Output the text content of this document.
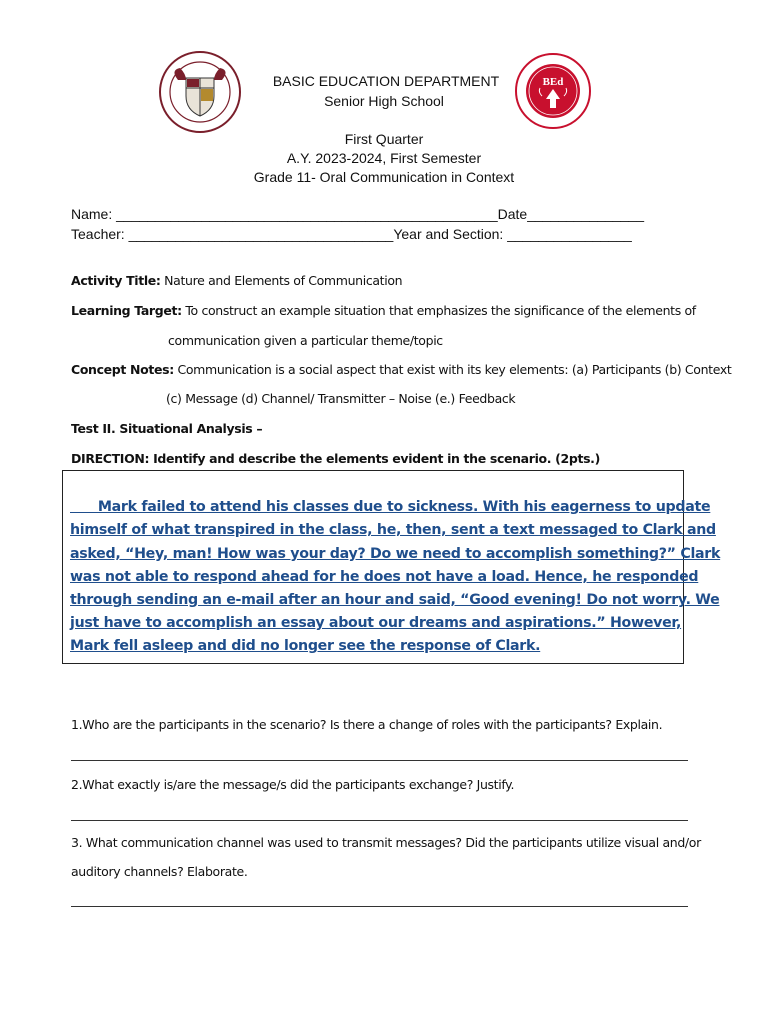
BEd
BASIC EDUCATION DEPARTMENT
Senior High School
First Quarter
A.Y. 2023-2024, First Semester
Grade 11- Oral Communication in Context
Name: _________________________________________________Date_______________
Teacher: __________________________________Year and Section: ________________
Activity Title: Nature and Elements of Communication
Learning Target: To construct an example situation that emphasizes the significance of the elements of
communication given a particular theme/topic
Concept Notes: Communication is a social aspect that exist with its key elements: (a) Participants (b) Context
(c) Message (d) Channel/ Transmitter – Noise (e.) Feedback
Test II. Situational Analysis –
DIRECTION: Identify and describe the elements evident in the scenario. (2pts.)
Mark failed to attend his classes due to sickness. With his eagerness to update
himself of what transpired in the class, he, then, sent a text messaged to Clark and
asked, “Hey, man! How was your day? Do we need to accomplish something?” Clark
was not able to respond ahead for he does not have a load. Hence, he responded
through sending an e-mail after an hour and said, “Good evening! Do not worry. We
just have to accomplish an essay about our dreams and aspirations.” However,
Mark fell asleep and did no longer see the response of Clark.
1.Who are the participants in the scenario? Is there a change of roles with the participants? Explain.
2.What exactly is/are the message/s did the participants exchange? Justify.
3. What communication channel was used to transmit messages? Did the participants utilize visual and/or
auditory channels? Elaborate.
